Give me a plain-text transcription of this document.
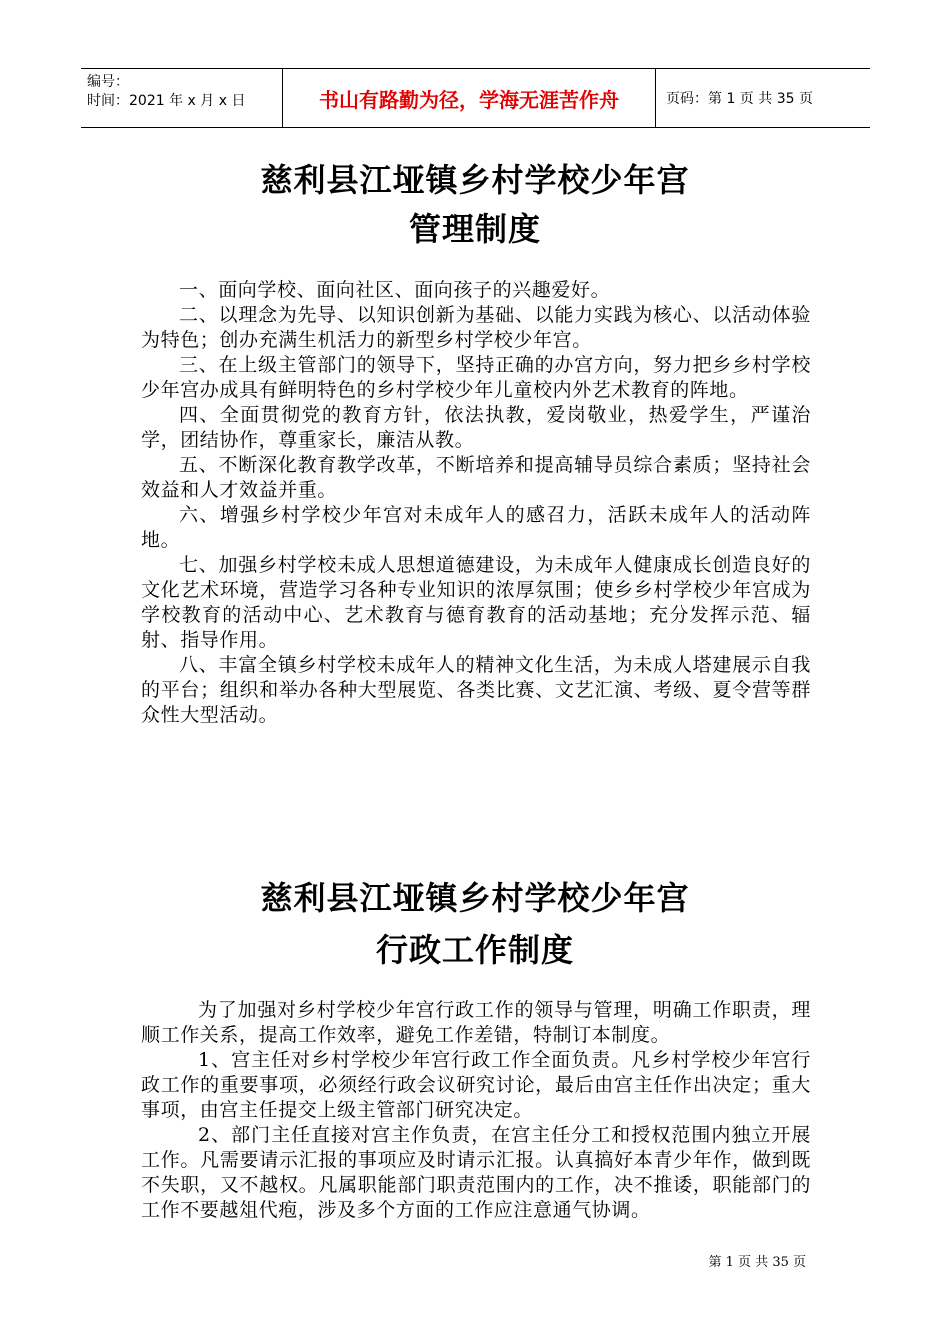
编号：
时间：2021 年 x 月 x 日	书山有路勤为径，学海无涯苦作舟	页码：第 1 页 共 35 页
慈利县江垭镇乡村学校少年宫
管理制度

一、面向学校、面向社区、面向孩子的兴趣爱好。

二、以理念为先导、以知识创新为基础、以能力实践为核心、以活动体验为特色；创办充满生机活力的新型乡村学校少年宫。

三、在上级主管部门的领导下，坚持正确的办宫方向，努力把乡乡村学校少年宫办成具有鲜明特色的乡村学校少年儿童校内外艺术教育的阵地。

四、全面贯彻党的教育方针，依法执教，爱岗敬业，热爱学生，严谨治学，团结协作，尊重家长，廉洁从教。

五、不断深化教育教学改革，不断培养和提高辅导员综合素质；坚持社会效益和人才效益并重。

六、增强乡村学校少年宫对未成年人的感召力，活跃未成年人的活动阵地。

七、加强乡村学校未成人思想道德建设，为未成年人健康成长创造良好的文化艺术环境，营造学习各种专业知识的浓厚氛围；使乡乡村学校少年宫成为学校教育的活动中心、艺术教育与德育教育的活动基地；充分发挥示范、辐射、指导作用。

八、丰富全镇乡村学校未成年人的精神文化生活，为未成人塔建展示自我的平台；组织和举办各种大型展览、各类比赛、文艺汇演、考级、夏令营等群众性大型活动。

慈利县江垭镇乡村学校少年宫
行政工作制度

为了加强对乡村学校少年宫行政工作的领导与管理，明确工作职责，理顺工作关系，提高工作效率，避免工作差错，特制订本制度。

1、宫主任对乡村学校少年宫行政工作全面负责。凡乡村学校少年宫行政工作的重要事项，必须经行政会议研究讨论，最后由宫主任作出决定；重大事项，由宫主任提交上级主管部门研究决定。

2、部门主任直接对宫主作负责，在宫主任分工和授权范围内独立开展工作。凡需要请示汇报的事项应及时请示汇报。认真搞好本青少年作，做到既不失职，又不越权。凡属职能部门职责范围内的工作，决不推诿，职能部门的工作不要越俎代疱，涉及多个方面的工作应注意通气协调。

第 1 页 共 35 页
